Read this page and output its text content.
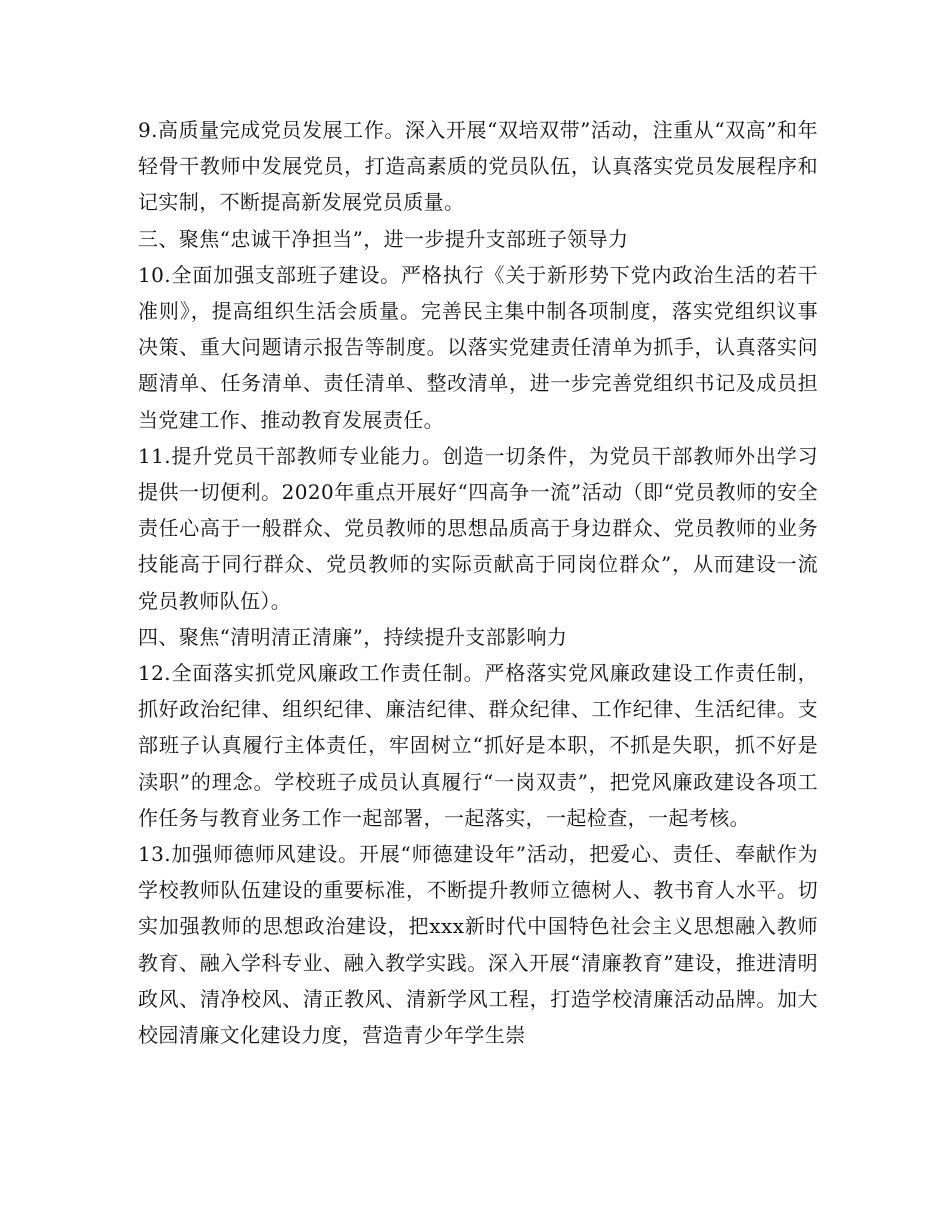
9.高质量完成党员发展工作。深入开展“双培双带”活动，注重从“双高”和年轻骨干教师中发展党员，打造高素质的党员队伍，认真落实党员发展程序和记实制，不断提高新发展党员质量。

三、聚焦“忠诚干净担当”，进一步提升支部班子领导力

10.全面加强支部班子建设。严格执行《关于新形势下党内政治生活的若干准则》，提高组织生活会质量。完善民主集中制各项制度，落实党组织议事决策、重大问题请示报告等制度。以落实党建责任清单为抓手，认真落实问题清单、任务清单、责任清单、整改清单，进一步完善党组织书记及成员担当党建工作、推动教育发展责任。

11.提升党员干部教师专业能力。创造一切条件，为党员干部教师外出学习提供一切便利。2020年重点开展好“四高争一流”活动（即“党员教师的安全责任心高于一般群众、党员教师的思想品质高于身边群众、党员教师的业务技能高于同行群众、党员教师的实际贡献高于同岗位群众”，从而建设一流党员教师队伍）。

四、聚焦“清明清正清廉”，持续提升支部影响力

12.全面落实抓党风廉政工作责任制。严格落实党风廉政建设工作责任制，抓好政治纪律、组织纪律、廉洁纪律、群众纪律、工作纪律、生活纪律。支部班子认真履行主体责任，牢固树立“抓好是本职，不抓是失职，抓不好是渎职”的理念。学校班子成员认真履行“一岗双责”，把党风廉政建设各项工作任务与教育业务工作一起部署，一起落实，一起检查，一起考核。

13.加强师德师风建设。开展“师德建设年”活动，把爱心、责任、奉献作为学校教师队伍建设的重要标准，不断提升教师立德树人、教书育人水平。切实加强教师的思想政治建设，把xxx新时代中国特色社会主义思想融入教师教育、融入学科专业、融入教学实践。深入开展“清廉教育”建设，推进清明政风、清净校风、清正教风、清新学风工程，打造学校清廉活动品牌。加大校园清廉文化建设力度，营造青少年学生崇
